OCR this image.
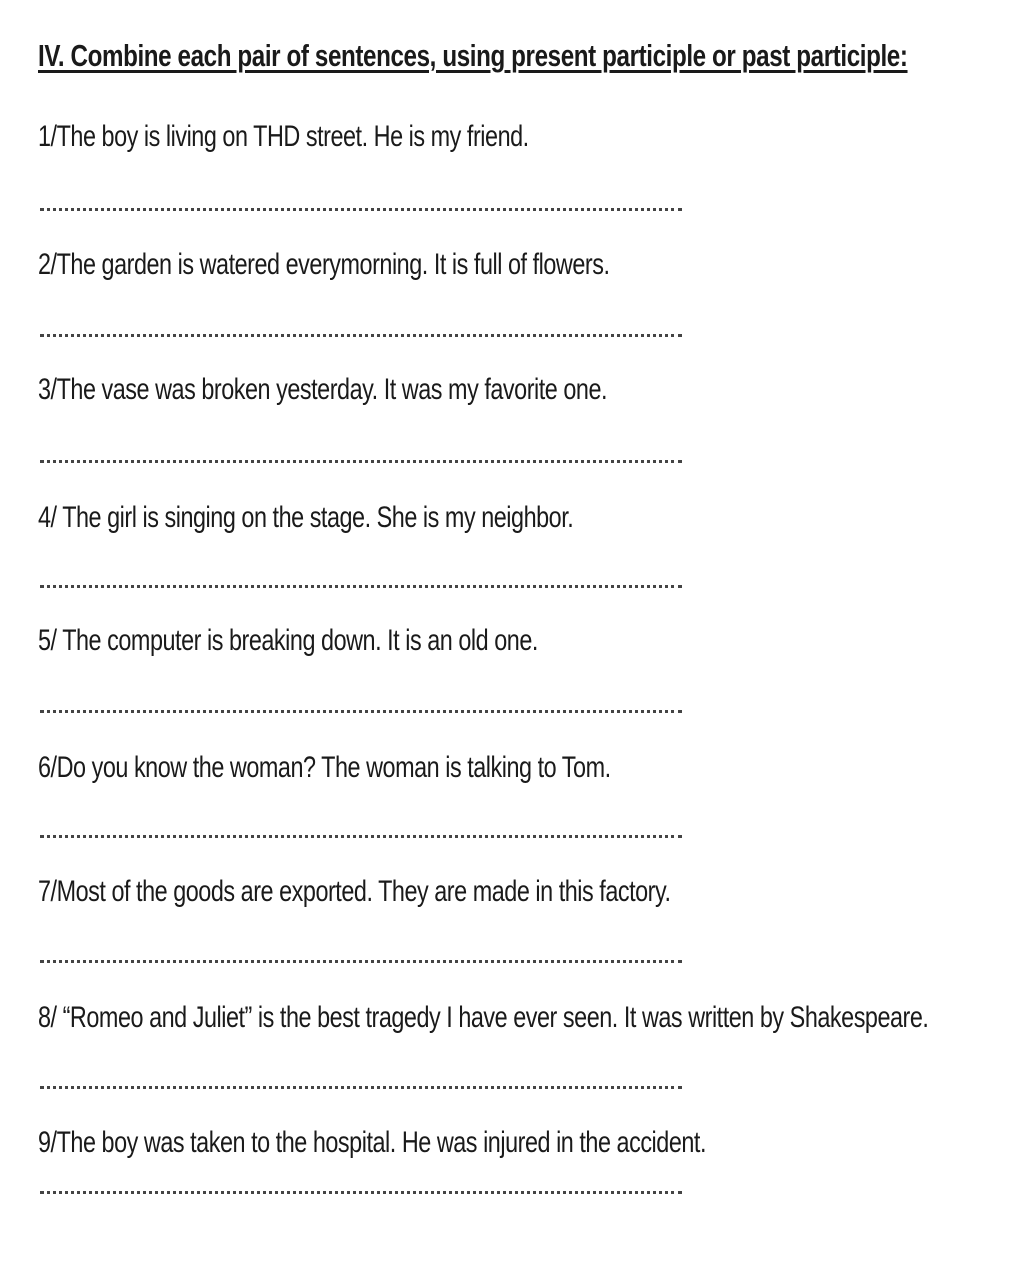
IV. Combine each pair of sentences, using present participle or past participle:
1/The boy is living on THD street. He is my friend.
2/The garden is watered everymorning. It is full of flowers.
3/The vase was broken yesterday. It was my favorite one.
4/ The girl is singing on the stage. She is my neighbor.
5/ The computer is breaking down. It is an old one.
6/Do you know the woman? The woman is talking to Tom.
7/Most of the goods are exported. They are made in this factory.
8/ “Romeo and Juliet” is the best tragedy I have ever seen. It was written by Shakespeare.
9/The boy was taken to the hospital. He was injured in the accident.
